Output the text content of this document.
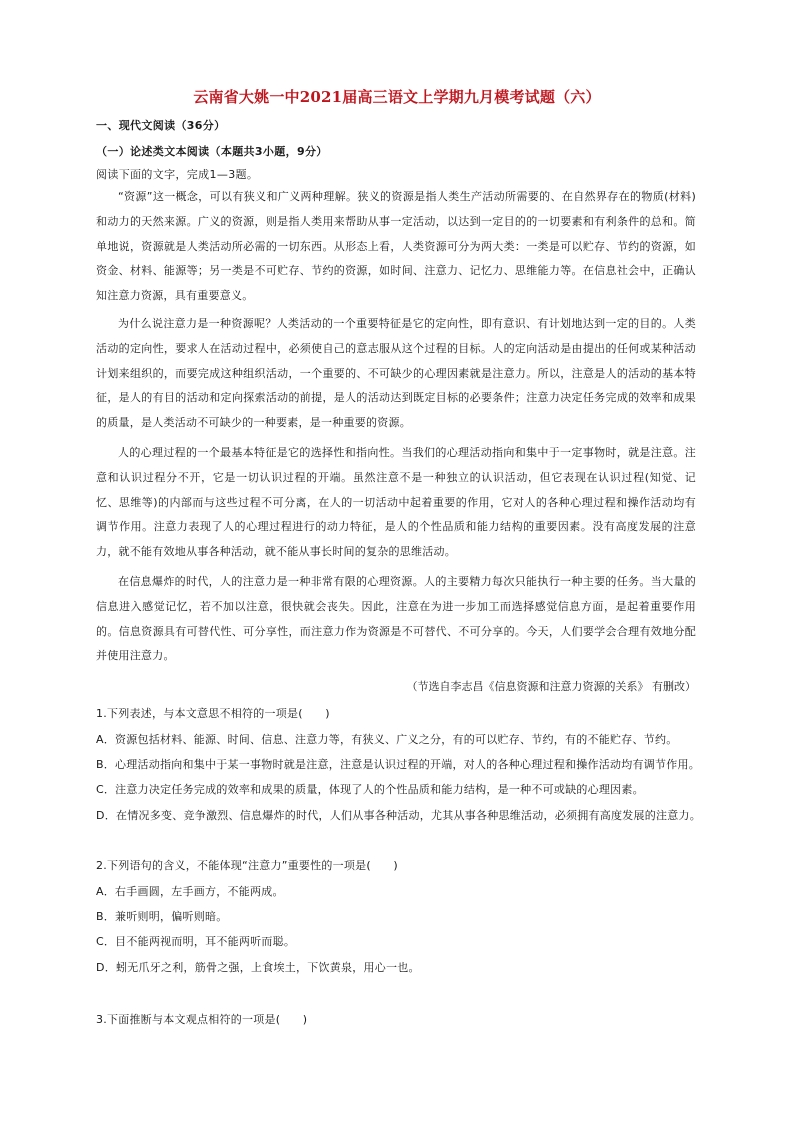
云南省大姚一中2021届高三语文上学期九月模考试题（六）
一、现代文阅读（36分）
（一）论述类文本阅读（本题共3小题，9分）
阅读下面的文字，完成1—3题。

“资源”这一概念，可以有狭义和广义两种理解。狭义的资源是指人类生产活动所需要的、在自然界存在的物质(材料)和动力的天然来源。广义的资源，则是指人类用来帮助从事一定活动，以达到一定目的的一切要素和有利条件的总和。简单地说，资源就是人类活动所必需的一切东西。从形态上看，人类资源可分为两大类：一类是可以贮存、节约的资源，如资金、材料、能源等；另一类是不可贮存、节约的资源，如时间、注意力、记忆力、思维能力等。在信息社会中，正确认知注意力资源，具有重要意义。

为什么说注意力是一种资源呢？人类活动的一个重要特征是它的定向性，即有意识、有计划地达到一定的目的。人类活动的定向性，要求人在活动过程中，必须使自己的意志服从这个过程的目标。人的定向活动是由提出的任何或某种活动计划来组织的，而要完成这种组织活动，一个重要的、不可缺少的心理因素就是注意力。所以，注意是人的活动的基本特征，是人的有目的活动和定向探索活动的前提，是人的活动达到既定目标的必要条件；注意力决定任务完成的效率和成果的质量，是人类活动不可缺少的一种要素，是一种重要的资源。

人的心理过程的一个最基本特征是它的选择性和指向性。当我们的心理活动指向和集中于一定事物时，就是注意。注意和认识过程分不开，它是一切认识过程的开端。虽然注意不是一种独立的认识活动，但它表现在认识过程(知觉、记忆、思维等)的内部而与这些过程不可分离，在人的一切活动中起着重要的作用，它对人的各种心理过程和操作活动均有调节作用。注意力表现了人的心理过程进行的动力特征，是人的个性品质和能力结构的重要因素。没有高度发展的注意力，就不能有效地从事各种活动，就不能从事长时间的复杂的思维活动。

在信息爆炸的时代，人的注意力是一种非常有限的心理资源。人的主要精力每次只能执行一种主要的任务。当大量的信息进入感觉记忆，若不加以注意，很快就会丧失。因此，注意在为进一步加工而选择感觉信息方面，是起着重要作用的。信息资源具有可替代性、可分享性，而注意力作为资源是不可替代、不可分享的。今天，人们要学会合理有效地分配并使用注意力。

（节选自李志昌《信息资源和注意力资源的关系》 有删改）
1.下列表述，与本文意思不相符的一项是(　　)
A．资源包括材料、能源、时间、信息、注意力等，有狭义、广义之分，有的可以贮存、节约，有的不能贮存、节约。
B．心理活动指向和集中于某一事物时就是注意，注意是认识过程的开端，对人的各种心理过程和操作活动均有调节作用。
C．注意力决定任务完成的效率和成果的质量，体现了人的个性品质和能力结构，是一种不可或缺的心理因素。
D．在情况多变、竞争激烈、信息爆炸的时代，人们从事各种活动，尤其从事各种思维活动，必须拥有高度发展的注意力。
2.下列语句的含义，不能体现“注意力”重要性的一项是(　　)
A．右手画圆，左手画方，不能两成。
B．兼听则明，偏听则暗。
C．目不能两视而明，耳不能两听而聪。
D．蚓无爪牙之利，筋骨之强，上食埃土，下饮黄泉，用心一也。
3.下面推断与本文观点相符的一项是(　　)
